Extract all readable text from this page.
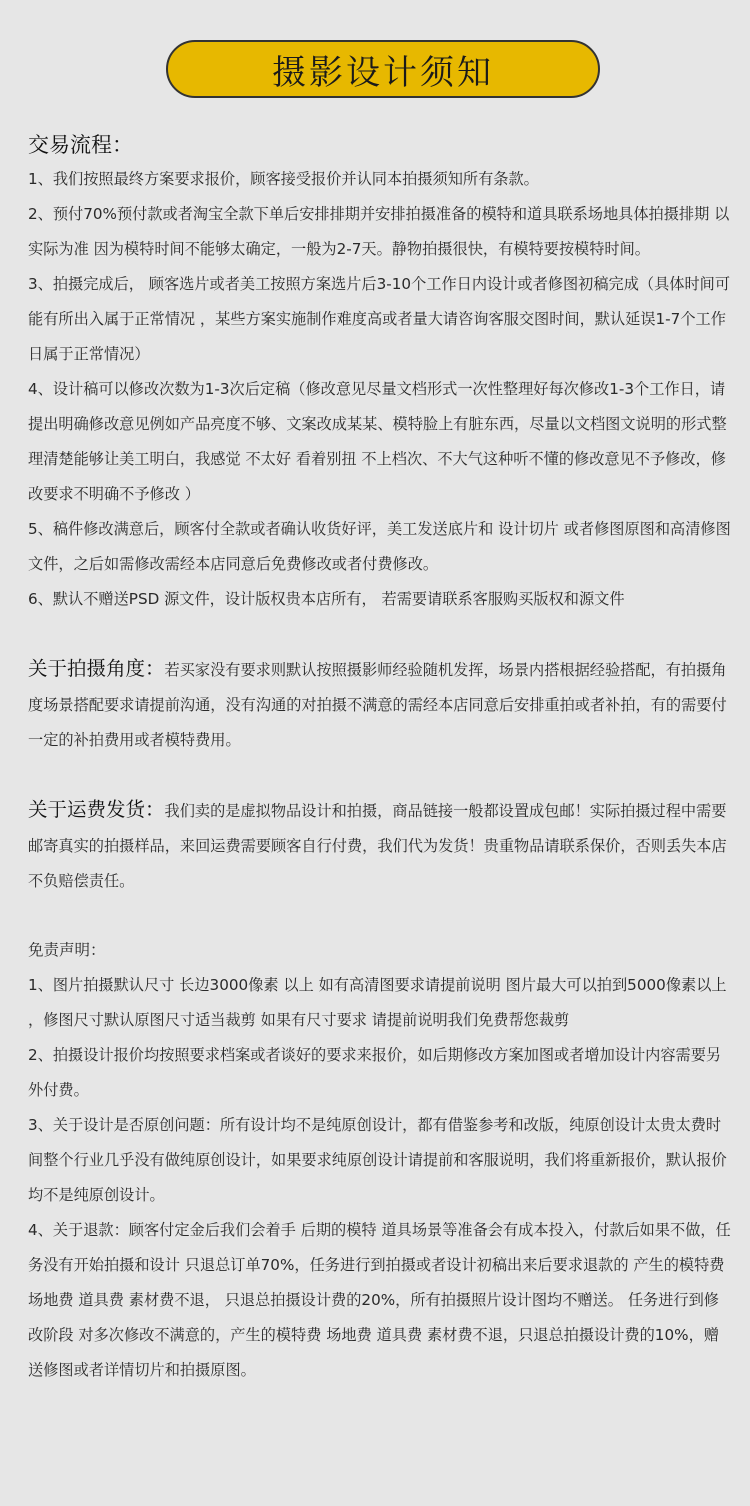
摄影设计须知

交易流程：

1、我们按照最终方案要求报价，顾客接受报价并认同本拍摄须知所有条款。

2、预付70%预付款或者淘宝全款下单后安排排期并安排拍摄准备的模特和道具联系场地具体拍摄排期 以实际为准 因为模特时间不能够太确定，一般为2-7天。静物拍摄很快，有模特要按模特时间。

3、拍摄完成后， 顾客选片或者美工按照方案选片后3-10个工作日内设计或者修图初稿完成（具体时间可能有所出入属于正常情况 ，某些方案实施制作难度高或者量大请咨询客服交图时间，默认延误1-7个工作日属于正常情况）

4、设计稿可以修改次数为1-3次后定稿（修改意见尽量文档形式一次性整理好每次修改1-3个工作日，请提出明确修改意见例如产品亮度不够、文案改成某某、模特脸上有脏东西，尽量以文档图文说明的形式整理清楚能够让美工明白，我感觉 不太好 看着别扭 不上档次、不大气这种听不懂的修改意见不予修改，修改要求不明确不予修改 ）

5、稿件修改满意后，顾客付全款或者确认收货好评，美工发送底片和 设计切片 或者修图原图和高清修图文件，之后如需修改需经本店同意后免费修改或者付费修改。

6、默认不赠送PSD 源文件，设计版权贵本店所有， 若需要请联系客服购买版权和源文件

关于拍摄角度：若买家没有要求则默认按照摄影师经验随机发挥，场景内搭根据经验搭配，有拍摄角度场景搭配要求请提前沟通，没有沟通的对拍摄不满意的需经本店同意后安排重拍或者补拍，有的需要付一定的补拍费用或者模特费用。

关于运费发货：我们卖的是虚拟物品设计和拍摄，商品链接一般都设置成包邮！实际拍摄过程中需要邮寄真实的拍摄样品，来回运费需要顾客自行付费，我们代为发货！贵重物品请联系保价，否则丢失本店不负赔偿责任。

免责声明：

1、图片拍摄默认尺寸 长边3000像素 以上 如有高清图要求请提前说明 图片最大可以拍到5000像素以上 ，修图尺寸默认原图尺寸适当裁剪 如果有尺寸要求 请提前说明我们免费帮您裁剪

2、拍摄设计报价均按照要求档案或者谈好的要求来报价，如后期修改方案加图或者增加设计内容需要另外付费。

3、关于设计是否原创问题：所有设计均不是纯原创设计，都有借鉴参考和改版，纯原创设计太贵太费时间整个行业几乎没有做纯原创设计，如果要求纯原创设计请提前和客服说明，我们将重新报价，默认报价均不是纯原创设计。

4、关于退款：顾客付定金后我们会着手 后期的模特 道具场景等准备会有成本投入，付款后如果不做，任务没有开始拍摄和设计 只退总订单70%，任务进行到拍摄或者设计初稿出来后要求退款的 产生的模特费 场地费 道具费 素材费不退， 只退总拍摄设计费的20%，所有拍摄照片设计图均不赠送。 任务进行到修改阶段 对多次修改不满意的，产生的模特费 场地费 道具费 素材费不退，只退总拍摄设计费的10%，赠送修图或者详情切片和拍摄原图。
